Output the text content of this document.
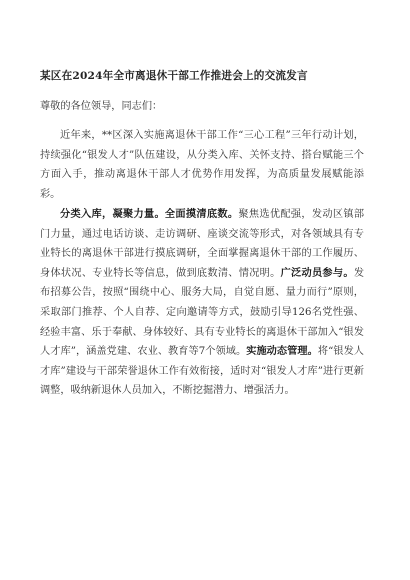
某区在2024年全市离退休干部工作推进会上的交流发言
尊敬的各位领导，同志们：
近年来，**区深入实施离退休干部工作“三心工程”三年行动计划，持续强化“银发人才”队伍建设，从分类入库、关怀支持、搭台赋能三个方面入手，推动离退休干部人才优势作用发挥，为高质量发展赋能添彩。
分类入库，凝聚力量。全面摸清底数。聚焦选优配强，发动区镇部门力量，通过电话访谈、走访调研、座谈交流等形式，对各领域具有专业特长的离退休干部进行摸底调研，全面掌握离退休干部的工作履历、身体状况、专业特长等信息，做到底数清、情况明。广泛动员参与。发布招募公告，按照“围绕中心、服务大局，自觉自愿、量力而行”原则，采取部门推荐、个人自荐、定向邀请等方式，鼓励引导126名党性强、经验丰富、乐于奉献、身体较好、具有专业特长的离退休干部加入“银发人才库”，涵盖党建、农业、教育等7个领域。实施动态管理。将“银发人才库”建设与干部荣誉退休工作有效衔接，适时对“银发人才库”进行更新调整，吸纳新退休人员加入，不断挖掘潜力、增强活力。
